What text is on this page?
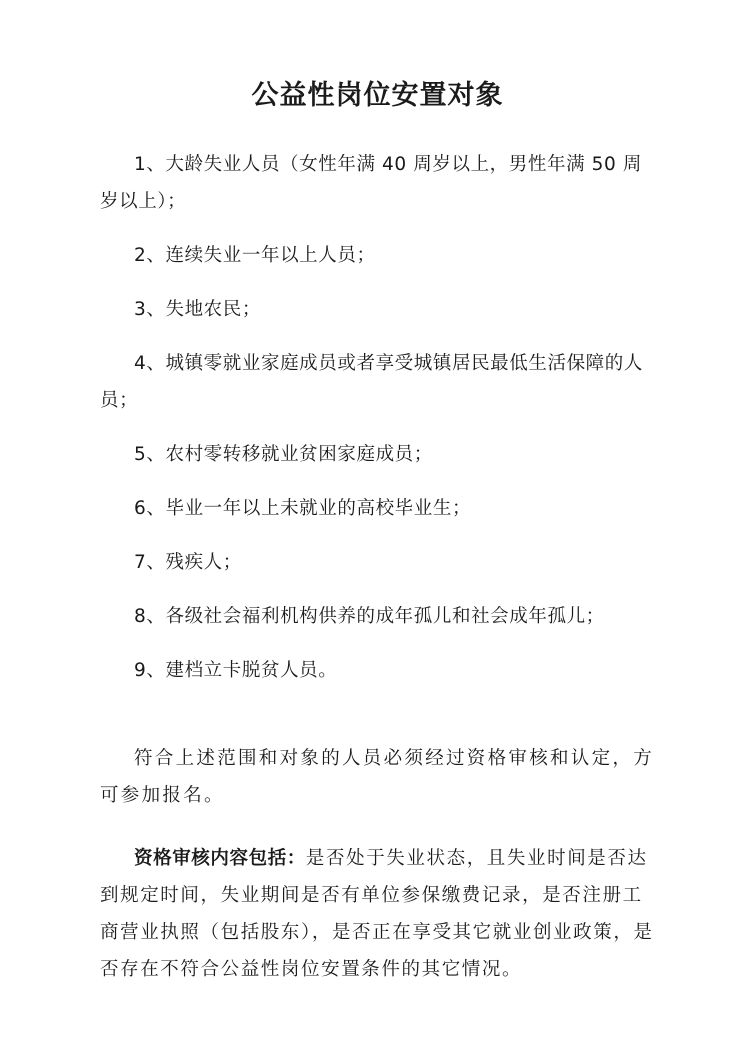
公益性岗位安置对象

1、大龄失业人员（女性年满 40 周岁以上，男性年满 50 周岁以上）；

2、连续失业一年以上人员；

3、失地农民；

4、城镇零就业家庭成员或者享受城镇居民最低生活保障的人员；

5、农村零转移就业贫困家庭成员；

6、毕业一年以上未就业的高校毕业生；

7、残疾人；

8、各级社会福利机构供养的成年孤儿和社会成年孤儿；

9、建档立卡脱贫人员。

符合上述范围和对象的人员必须经过资格审核和认定，方可参加报名。

资格审核内容包括：是否处于失业状态，且失业时间是否达到规定时间，失业期间是否有单位参保缴费记录，是否注册工商营业执照（包括股东），是否正在享受其它就业创业政策，是否存在不符合公益性岗位安置条件的其它情况。
